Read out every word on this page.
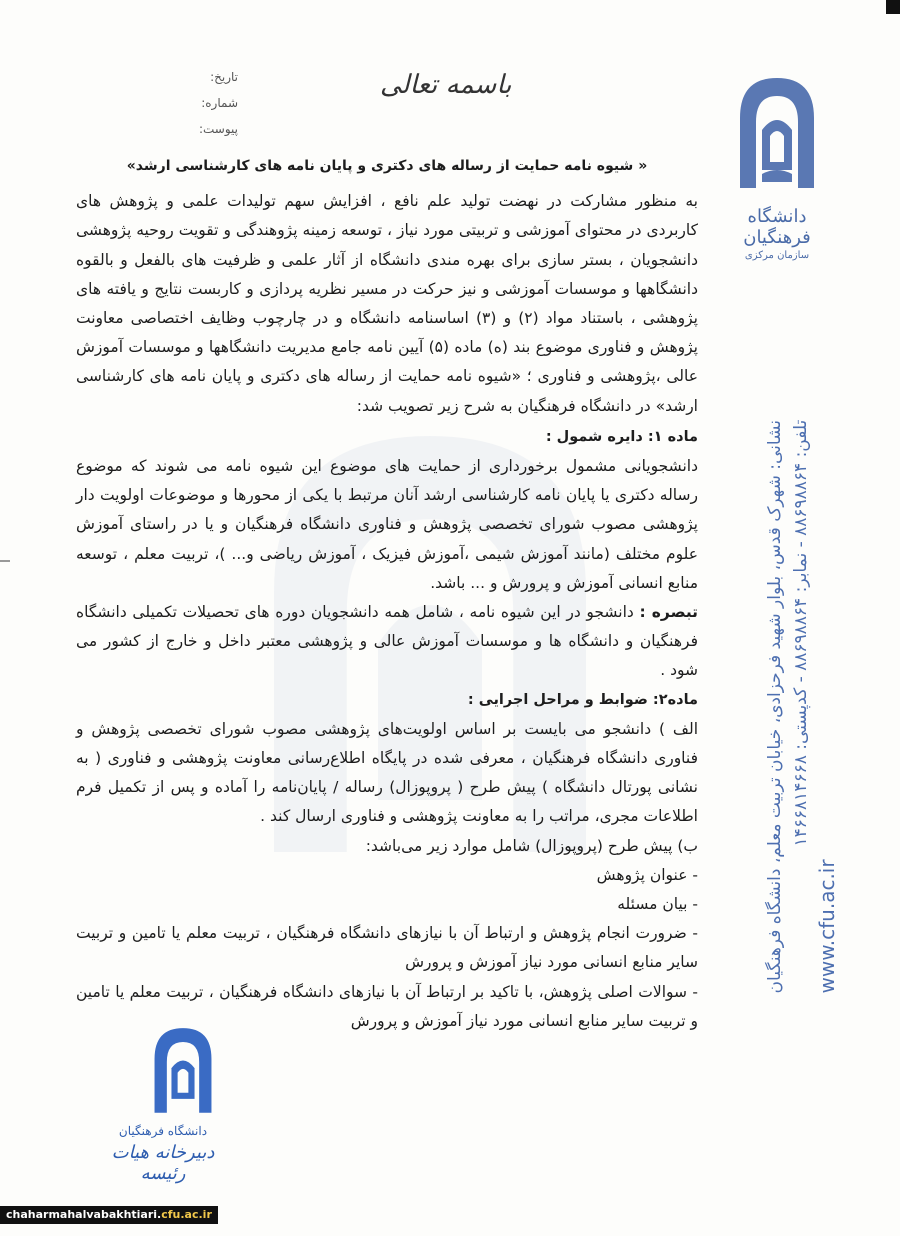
دانشگاه فرهنگیان
سازمان مرکزی
نشانی: شهرک قدس، بلوار شهید فرحزادی، خیابان تربیت معلم، دانشگاه فرهنگیان تلفن: ۸۸۶۹۸۸۶۴ - نمابر: ۸۸۶۹۸۸۶۴ - کدپستی: ۱۴۶۶۸۱۴۶۶۸
www.cfu.ac.ir
باسمه تعالی
تاریخ:
شماره:
پیوست:
« شیوه نامه حمایت از رساله های دکتری و پایان نامه های کارشناسی ارشد»

به منظور مشارکت در نهضت تولید علم نافع ، افزایش سهم تولیدات علمی و پژوهش های کاربردی در محتوای آموزشی و تربیتی مورد نیاز ، توسعه زمینه پژوهندگی و تقویت روحیه پژوهشی دانشجویان ، بستر سازی برای بهره مندی دانشگاه از آثار علمی و ظرفیت های بالفعل و بالقوه دانشگاهها و موسسات آموزشی و نیز حرکت در مسیر نظریه پردازی و کاربست نتایج و یافته های پژوهشی ، باستناد مواد (۲) و (۳) اساسنامه دانشگاه و در چارچوب وظایف اختصاصی معاونت پژوهش و فناوری موضوع بند (ه) ماده (۵) آیین نامه جامع مدیریت دانشگاهها و موسسات آموزش عالی ،پژوهشی و فناوری ؛ «شیوه نامه حمایت از رساله های دکتری و پایان نامه های کارشناسی ارشد» در دانشگاه فرهنگیان به شرح زیر تصویب شد:

ماده ۱: دایره شمول :

دانشجویانی مشمول برخورداری از حمایت های موضوع این شیوه نامه می شوند که موضوع رساله دکتری یا پایان نامه کارشناسی ارشد آنان مرتبط با یکی از محورها و موضوعات اولویت دار پژوهشی مصوب شورای تخصصی پژوهش و فناوری دانشگاه فرهنگیان و یا در راستای آموزش علوم مختلف (مانند آموزش شیمی ،آموزش فیزیک ، آموزش ریاضی و... )، تربیت معلم ، توسعه منابع انسانی آموزش و پرورش و ... باشد.

تبصره : دانشجو در این شیوه نامه ، شامل همه دانشجویان دوره های تحصیلات تکمیلی دانشگاه فرهنگیان و دانشگاه ها و موسسات آموزش عالی و پژوهشی معتبر داخل و خارج از کشور می شود .

ماده۲: ضوابط و مراحل اجرایی :

الف ) دانشجو می بایست بر اساس اولویت‌های پژوهشی مصوب شورای تخصصی پژوهش و فناوری دانشگاه فرهنگیان ، معرفی شده در پایگاه اطلاع‌رسانی معاونت پژوهشی و فناوری ( به نشانی پورتال دانشگاه ) پیش طرح ( پروپوزال) رساله / پایان‌نامه را آماده و پس از تکمیل فرم اطلاعات مجری، مراتب را به معاونت پژوهشی و فناوری ارسال کند .

ب) پیش طرح (پروپوزال) شامل موارد زیر می‌باشد:

- عنوان پژوهش

- بیان مسئله

- ضرورت انجام پژوهش و ارتباط آن با نیازهای دانشگاه فرهنگیان ، تربیت معلم یا تامین و تربیت سایر منابع انسانی مورد نیاز آموزش و پرورش

- سوالات اصلی پژوهش، با تاکید بر ارتباط آن با نیازهای دانشگاه فرهنگیان ، تربیت معلم یا تامین و تربیت سایر منابع انسانی مورد نیاز آموزش و پرورش

دانشگاه فرهنگیان
دبیرخانه هیات رئیسه
chaharmahalvabakhtiari.cfu.ac.ir
